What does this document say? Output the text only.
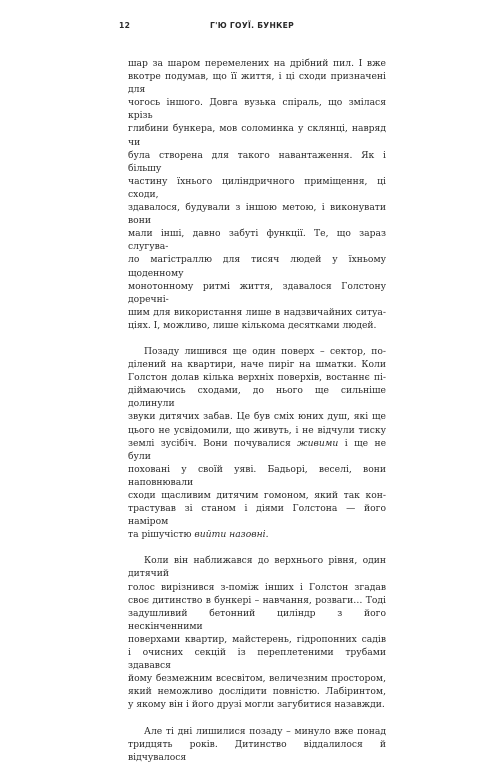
12	Г'Ю ГОУЇ. БУНКЕР

шар за шаром перемелених на дрібний пил. І вже

вкотре подумав, що її життя, і ці сходи призначені для

чогось іншого. Довга вузька спіраль, що змілася крізь

глибини бункера, мов соломинка у склянці, навряд чи

була створена для такого навантаження. Як і більшу

частину їхнього циліндричного приміщення, ці сходи,

здавалося, будували з іншою метою, і виконувати вони

мали інші, давно забуті функції. Те, що зараз слугува-

ло магістраллю для тисяч людей у їхньому щоденному

монотонному ритмі життя, здавалося Голстону доречні-

шим для використання лише в надзвичайних ситуа-

ціях. І, можливо, лише кількома десятками людей.

Позаду лишився ще один поверх – сектор, по-

ділений на квартири, наче пиріг на шматки. Коли

Голстон долав кілька верхніх поверхів, востаннє пі-

діймаючись сходами, до нього ще сильніше долинули

звуки дитячих забав. Це був сміх юних душ, які ще

цього не усвідомили, що живуть, і не відчули тиску

землі зусібіч. Вони почувалися живими і ще не були

поховані у своїй уяві. Бадьорі, веселі, вони наповнювали

сходи щасливим дитячим гомоном, який так кон-

трастував зі станом і діями Голстона — його наміром

та рішучістю вийти назовні.

Коли він наближався до верхнього рівня, один дитячий

голос вирізнився з-поміж інших і Голстон згадав

своє дитинство в бункері – навчання, розваги… Тоді

задушливий бетонний циліндр з його нескінченними

поверхами квартир, майстерень, гідропонних садів

і очисних секцій із переплетеними трубами здавався

йому безмежним всесвітом, величезним простором,

який неможливо дослідити повністю. Лабіринтом,

у якому він і його друзі могли загубитися назавжди.

Але ті дні лишилися позаду – минуло вже понад

тридцять років. Дитинство віддалилося й відчувалося
